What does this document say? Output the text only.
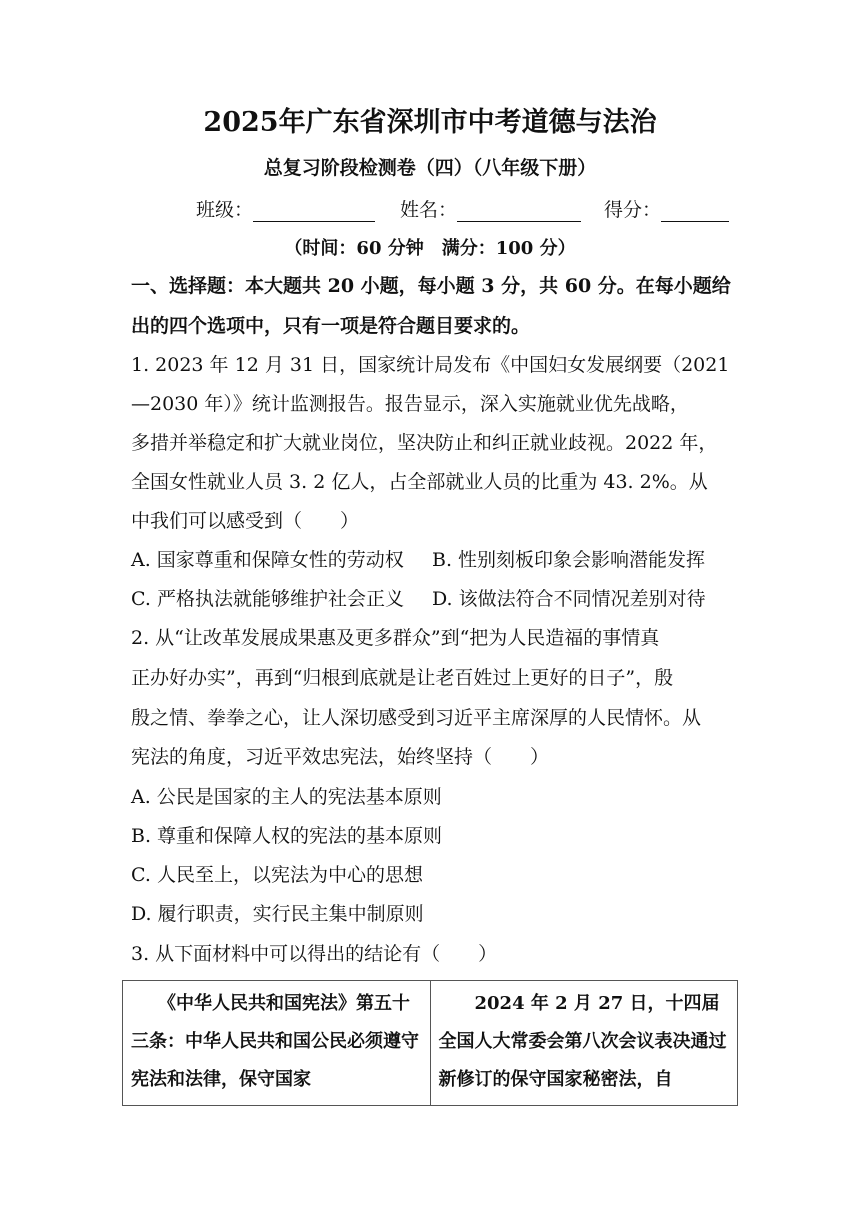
2025年广东省深圳市中考道德与法治
总复习阶段检测卷（四）（八年级下册）
班级：	姓名：	得分：
（时间：60 分钟　满分：100 分）
一、选择题：本大题共 20 小题，每小题 3 分，共 60 分。在每小题给
出的四个选项中，只有一项是符合题目要求的。
1. 2023 年 12 月 31 日，国家统计局发布《中国妇女发展纲要（2021
—2030 年）》统计监测报告。报告显示，深入实施就业优先战略，
多措并举稳定和扩大就业岗位，坚决防止和纠正就业歧视。2022 年，
全国女性就业人员 3. 2 亿人，占全部就业人员的比重为 43. 2%。从
中我们可以感受到（　　）
A. 国家尊重和保障女性的劳动权 B. 性别刻板印象会影响潜能发挥
C. 严格执法就能够维护社会正义 D. 该做法符合不同情况差别对待
2. 从“让改革发展成果惠及更多群众”到“把为人民造福的事情真
正办好办实”，再到“归根到底就是让老百姓过上更好的日子”，殷
殷之情、拳拳之心，让人深切感受到习近平主席深厚的人民情怀。从
宪法的角度，习近平效忠宪法，始终坚持（　　）
A. 公民是国家的主人的宪法基本原则
B. 尊重和保障人权的宪法的基本原则
C. 人民至上，以宪法为中心的思想
D. 履行职责，实行民主集中制原则
3. 从下面材料中可以得出的结论有（　　）
　　《中华人民共和国宪法》第五十三条：中华人民共和国公民必须遵守宪法和法律，保守国家	　　2024 年 2 月 27 日，十四届全国人大常委会第八次会议表决通过新修订的保守国家秘密法，自
